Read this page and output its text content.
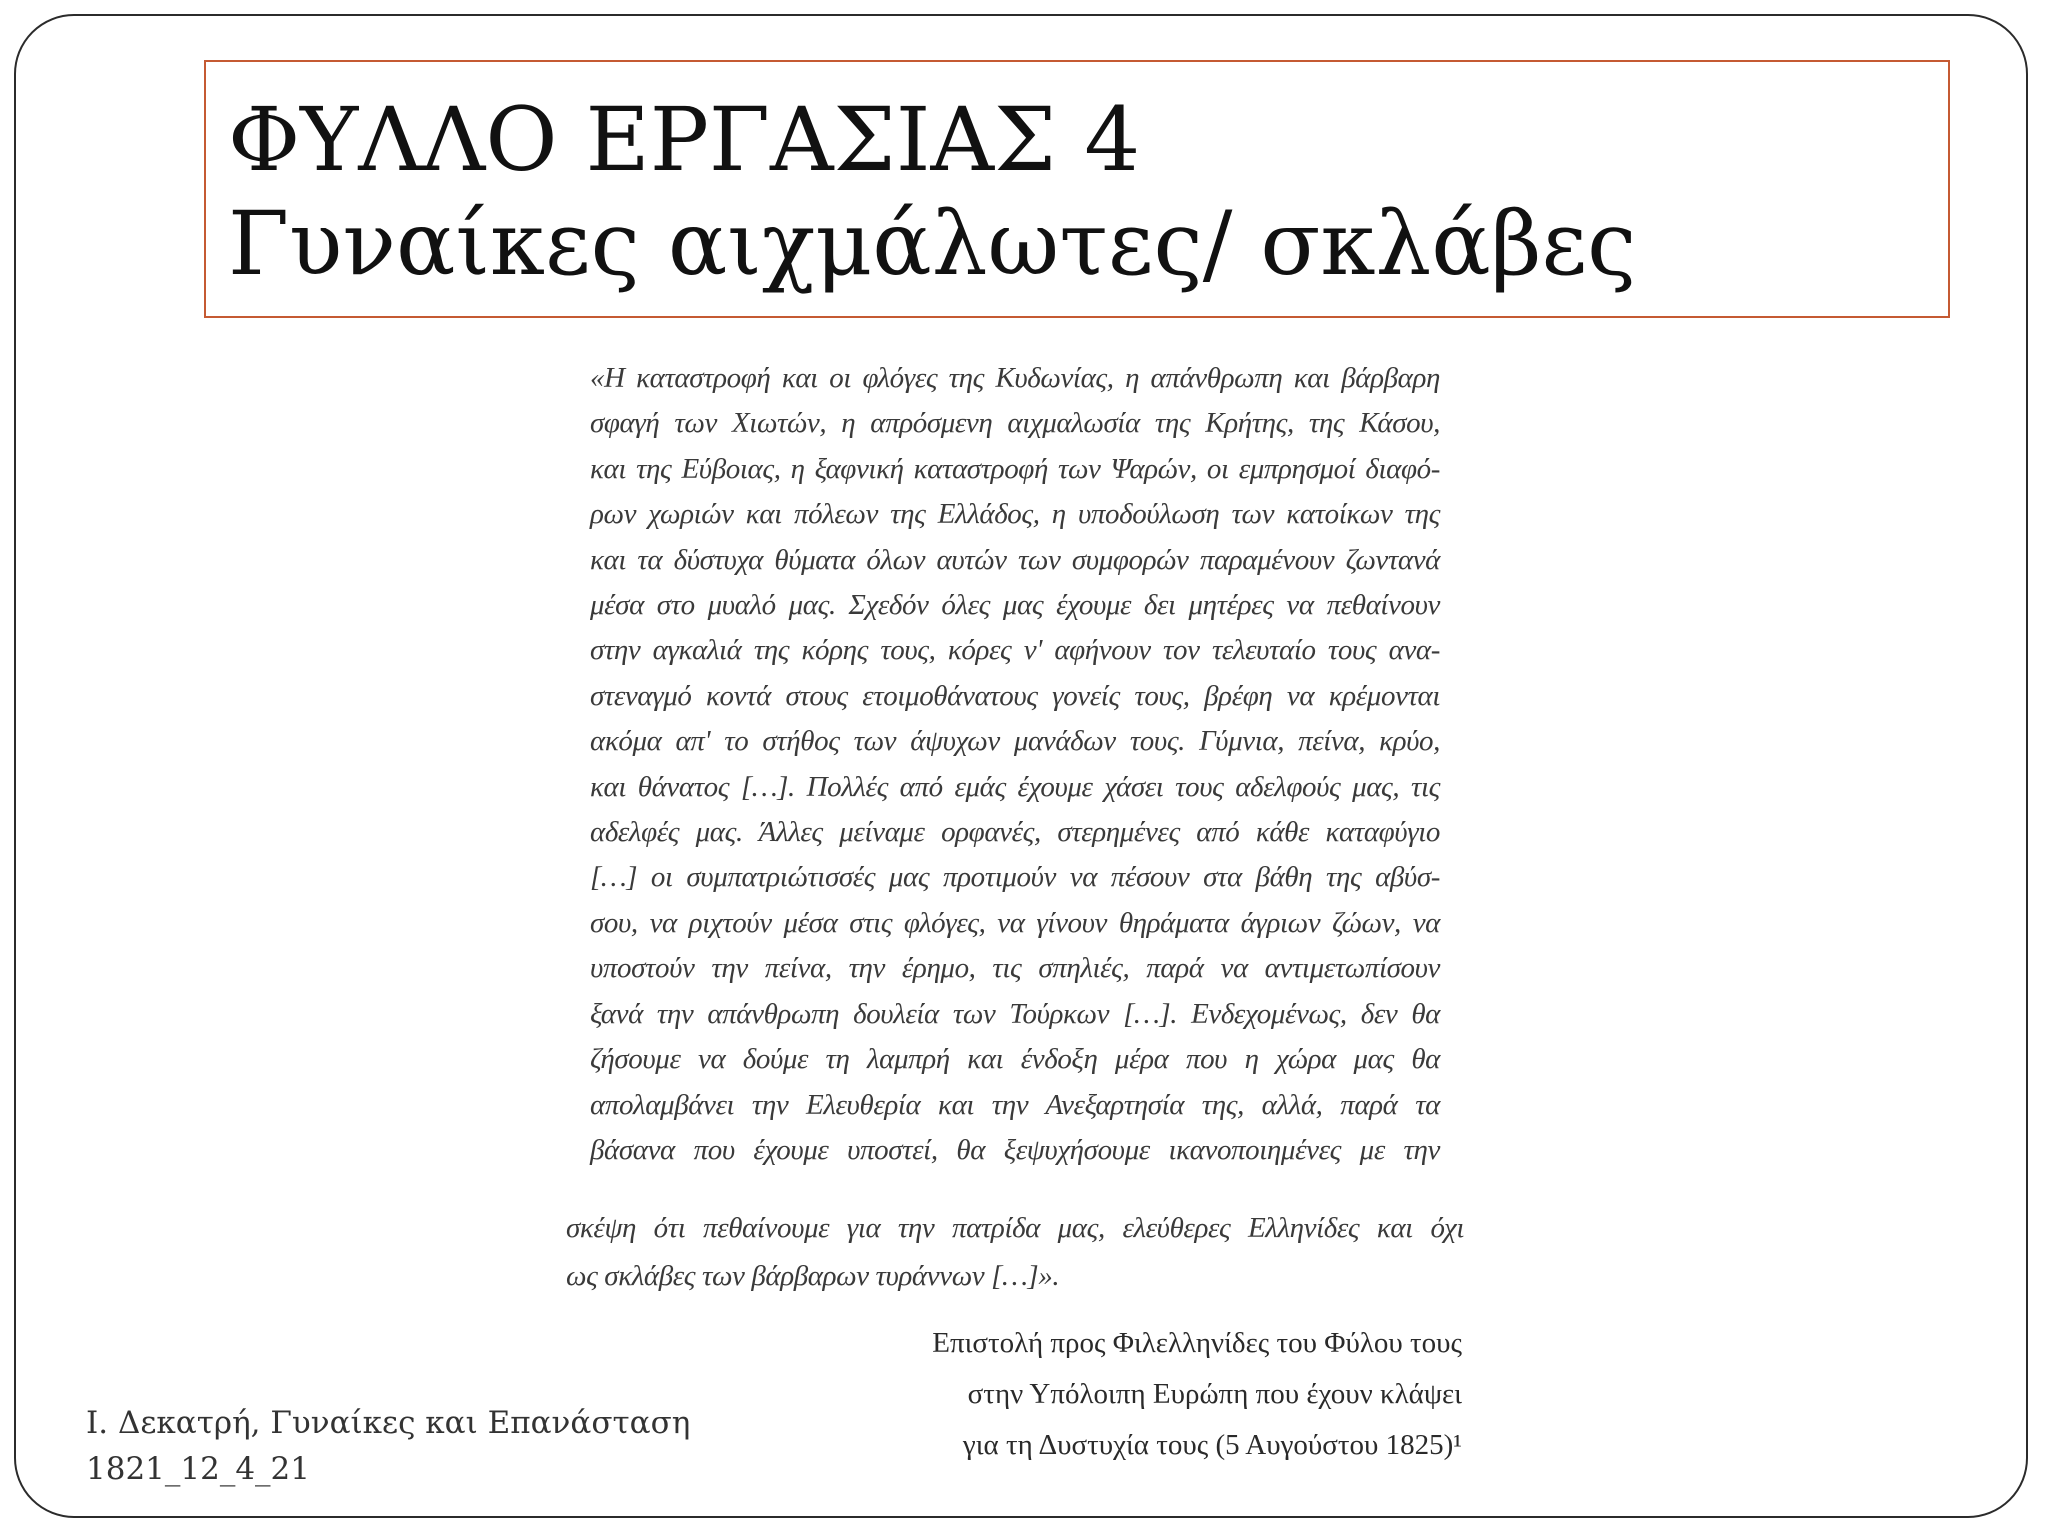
ΦΥΛΛΟ ΕΡΓΑΣΙΑΣ 4
Γυναίκες αιχμάλωτες/ σκλάβες
«Η καταστροφή και οι φλόγες της Κυδωνίας, η απάνθρωπη και βάρβαρη
σφαγή των Χιωτών, η απρόσμενη αιχμαλωσία της Κρήτης, της Κάσου,
και της Εύβοιας, η ξαφνική καταστροφή των Ψαρών, οι εμπρησμοί διαφό-
ρων χωριών και πόλεων της Ελλάδος, η υποδούλωση των κατοίκων της
και τα δύστυχα θύματα όλων αυτών των συμφορών παραμένουν ζωντανά
μέσα στο μυαλό μας. Σχεδόν όλες μας έχουμε δει μητέρες να πεθαίνουν
στην αγκαλιά της κόρης τους, κόρες ν' αφήνουν τον τελευταίο τους ανα-
στεναγμό κοντά στους ετοιμοθάνατους γονείς τους, βρέφη να κρέμονται
ακόμα απ' το στήθος των άψυχων μανάδων τους. Γύμνια, πείνα, κρύο,
και θάνατος […]. Πολλές από εμάς έχουμε χάσει τους αδελφούς μας, τις
αδελφές μας. Άλλες μείναμε ορφανές, στερημένες από κάθε καταφύγιο
[…] οι συμπατριώτισσές μας προτιμούν να πέσουν στα βάθη της αβύσ-
σου, να ριχτούν μέσα στις φλόγες, να γίνουν θηράματα άγριων ζώων, να
υποστούν την πείνα, την έρημο, τις σπηλιές, παρά να αντιμετωπίσουν
ξανά την απάνθρωπη δουλεία των Τούρκων […]. Ενδεχομένως, δεν θα
ζήσουμε να δούμε τη λαμπρή και ένδοξη μέρα που η χώρα μας θα
απολαμβάνει την Ελευθερία και την Ανεξαρτησία της, αλλά, παρά τα
βάσανα που έχουμε υποστεί, θα ξεψυχήσουμε ικανοποιημένες με την
σκέψη ότι πεθαίνουμε για την πατρίδα μας, ελεύθερες Ελληνίδες και όχι
ως σκλάβες των βάρβαρων τυράννων […]».
Επιστολή προς Φιλελληνίδες του Φύλου τους
στην Υπόλοιπη Ευρώπη που έχουν κλάψει
για τη Δυστυχία τους (5 Αυγούστου 1825)¹
Ι. Δεκατρή, Γυναίκες και Επανάσταση
1821_12_4_21
